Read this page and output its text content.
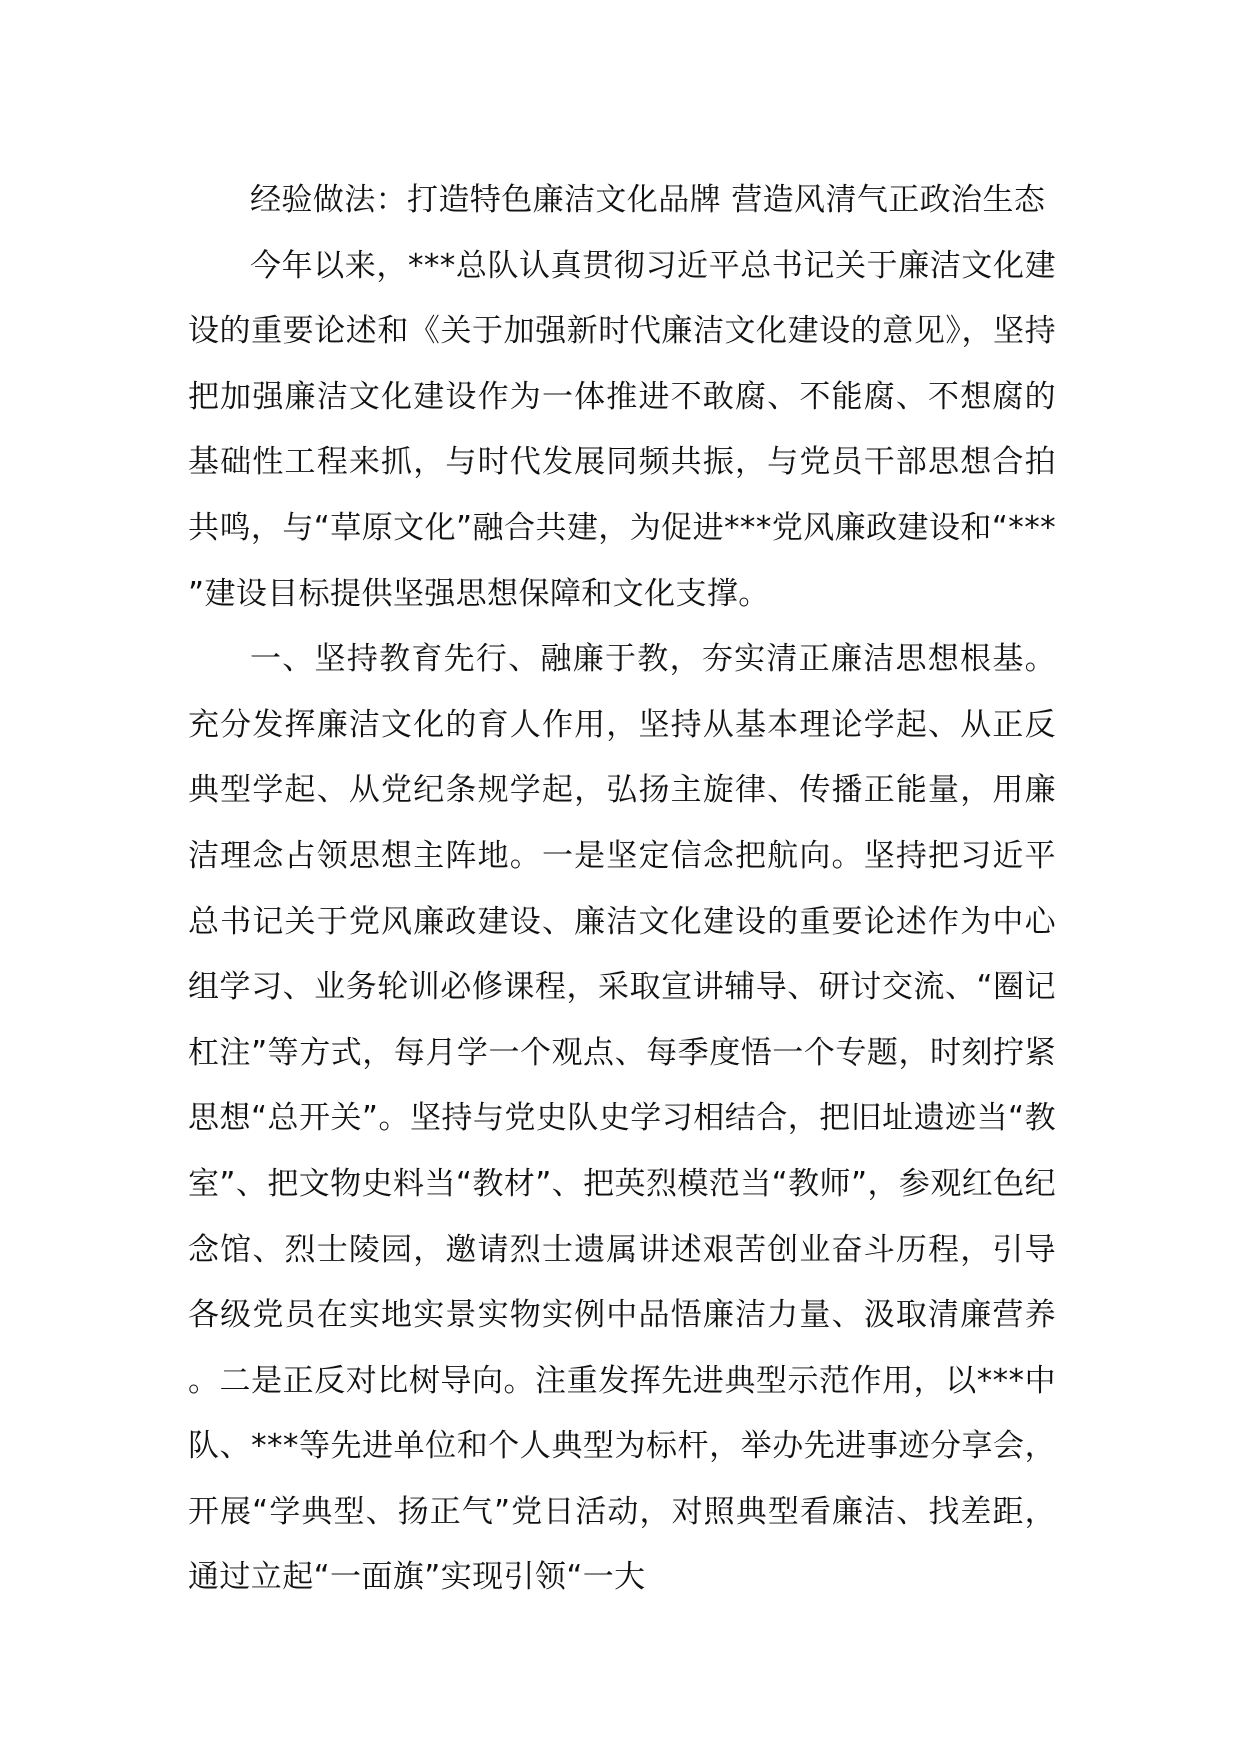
经验做法：打造特色廉洁文化品牌 营造风清气正政治生态

今年以来，***总队认真贯彻习近平总书记关于廉洁文化建设的重要论述和《关于加强新时代廉洁文化建设的意见》，坚持把加强廉洁文化建设作为一体推进不敢腐、不能腐、不想腐的基础性工程来抓，与时代发展同频共振，与党员干部思想合拍共鸣，与“草原文化”融合共建，为促进***党风廉政建设和“***”建设目标提供坚强思想保障和文化支撑。

一、坚持教育先行、融廉于教，夯实清正廉洁思想根基。充分发挥廉洁文化的育人作用，坚持从基本理论学起、从正反典型学起、从党纪条规学起，弘扬主旋律、传播正能量，用廉洁理念占领思想主阵地。一是坚定信念把航向。坚持把习近平总书记关于党风廉政建设、廉洁文化建设的重要论述作为中心组学习、业务轮训必修课程，采取宣讲辅导、研讨交流、“圈记杠注”等方式，每月学一个观点、每季度悟一个专题，时刻拧紧思想“总开关”。坚持与党史队史学习相结合，把旧址遗迹当“教室”、把文物史料当“教材”、把英烈模范当“教师”，参观红色纪念馆、烈士陵园，邀请烈士遗属讲述艰苦创业奋斗历程，引导各级党员在实地实景实物实例中品悟廉洁力量、汲取清廉营养。二是正反对比树导向。注重发挥先进典型示范作用，以***中队、***等先进单位和个人典型为标杆，举办先进事迹分享会，开展“学典型、扬正气”党日活动，对照典型看廉洁、找差距，通过立起“一面旗”实现引领“一大
